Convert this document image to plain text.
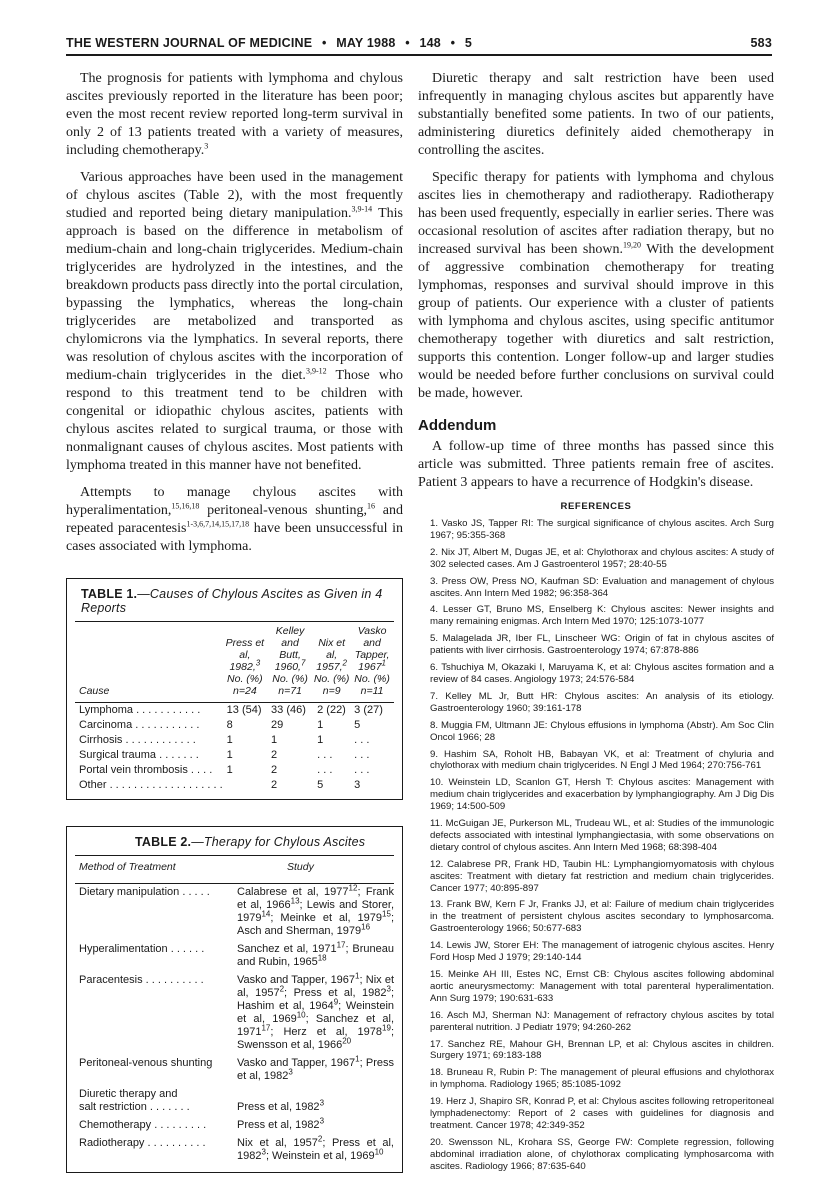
THE WESTERN JOURNAL OF MEDICINE • MAY 1988 • 148 • 5	583

The prognosis for patients with lymphoma and chylous ascites previously reported in the literature has been poor; even the most recent review reported long-term survival in only 2 of 13 patients treated with a variety of measures, including chemotherapy.$^3$

Various approaches have been used in the management of chylous ascites (Table 2), with the most frequently studied and reported being dietary manipulation.$^{3,9-14}$ This approach is based on the difference in metabolism of medium-chain and long-chain triglycerides. Medium-chain triglycerides are hydrolyzed in the intestines, and the breakdown products pass directly into the portal circulation, bypassing the lymphatics, whereas the long-chain triglycerides are metabolized and transported as chylomicrons via the lymphatics. In several reports, there was resolution of chylous ascites with the incorporation of medium-chain triglycerides in the diet.$^{3,9-12}$ Those who respond to this treatment tend to be children with congenital or idiopathic chylous ascites, patients with chylous ascites related to surgical trauma, or those with nonmalignant causes of chylous ascites. Most patients with lymphoma treated in this manner have not benefited.

Attempts to manage chylous ascites with hyperalimentation,$^{15,16,18}$ peritoneal-venous shunting,$^{16}$ and repeated paracentesis$^{1-3,6,7,14,15,17,18}$ have been unsuccessful in cases associated with lymphoma.

TABLE 1.—Causes of Chylous Ascites as Given in 4 Reports
Cause	Press et al,
1982,$^3$
No. (%)
n=24	Kelley and
Butt, 1960,$^7$
No. (%)
n=71	Nix et al,
1957,$^2$
No. (%)
n=9	Vasko and
Tapper,
1967$^1$
No. (%)
n=11

Lymphoma . . . . . . . . . . .	13 (54)	33 (46)	2 (22)	3 (27)
Carcinoma . . . . . . . . . . .	8	29	1	5
Cirrhosis . . . . . . . . . . . .	1	1	1	. . .
Surgical trauma . . . . . . .	1	2	. . .	. . .
Portal vein thrombosis . . . .	1	2	. . .	. . .
Other . . . . . . . . . . . . . . . . . . .		2	5	3
TABLE 2.—Therapy for Chylous Ascites
Method of Treatment	Study

Dietary manipulation . . . . .	Calabrese et al, 1977$^{12}$; Frank et al, 1966$^{13}$; Lewis and Storer, 1979$^{14}$; Meinke et al, 1979$^{15}$; Asch and Sherman, 1979$^{16}$
Hyperalimentation . . . . . .	Sanchez et al, 1971$^{17}$; Bruneau and Rubin, 1965$^{18}$
Paracentesis . . . . . . . . . .	Vasko and Tapper, 1967$^1$; Nix et al, 1957$^2$; Press et al, 1982$^3$; Hashim et al, 1964$^9$; Weinstein et al, 1969$^{10}$; Sanchez et al, 1971$^{17}$; Herz et al, 1978$^{19}$; Swensson et al, 1966$^{20}$
Peritoneal-venous shunting	Vasko and Tapper, 1967$^1$; Press et al, 1982$^3$
Diuretic therapy and
salt restriction . . . . . . .	Press et al, 1982$^3$
Chemotherapy . . . . . . . . .	Press et al, 1982$^3$
Radiotherapy . . . . . . . . . .	Nix et al, 1957$^2$; Press et al, 1982$^3$; Weinstein et al, 1969$^{10}$

Diuretic therapy and salt restriction have been used infrequently in managing chylous ascites but apparently have substantially benefited some patients. In two of our patients, administering diuretics definitely aided chemotherapy in controlling the ascites.

Specific therapy for patients with lymphoma and chylous ascites lies in chemotherapy and radiotherapy. Radiotherapy has been used frequently, especially in earlier series. There was occasional resolution of ascites after radiation therapy, but no increased survival has been shown.$^{19,20}$ With the development of aggressive combination chemotherapy for treating lymphomas, responses and survival should improve in this group of patients. Our experience with a cluster of patients with lymphoma and chylous ascites, using specific antitumor chemotherapy together with diuretics and salt restriction, supports this contention. Longer follow-up and larger studies would be needed before further conclusions on survival could be made, however.

Addendum

A follow-up time of three months has passed since this article was submitted. Three patients remain free of ascites. Patient 3 appears to have a recurrence of Hodgkin's disease.

REFERENCES
1. Vasko JS, Tapper RI: The surgical significance of chylous ascites. Arch Surg 1967; 95:355-368
2. Nix JT, Albert M, Dugas JE, et al: Chylothorax and chylous ascites: A study of 302 selected cases. Am J Gastroenterol 1957; 28:40-55
3. Press OW, Press NO, Kaufman SD: Evaluation and management of chylous ascites. Ann Intern Med 1982; 96:358-364
4. Lesser GT, Bruno MS, Enselberg K: Chylous ascites: Newer insights and many remaining enigmas. Arch Intern Med 1970; 125:1073-1077
5. Malagelada JR, Iber FL, Linscheer WG: Origin of fat in chylous ascites of patients with liver cirrhosis. Gastroenterology 1974; 67:878-886
6. Tshuchiya M, Okazaki I, Maruyama K, et al: Chylous ascites formation and a review of 84 cases. Angiology 1973; 24:576-584
7. Kelley ML Jr, Butt HR: Chylous ascites: An analysis of its etiology. Gastroenterology 1960; 39:161-178
8. Muggia FM, Ultmann JE: Chylous effusions in lymphoma (Abstr). Am Soc Clin Oncol 1966; 28
9. Hashim SA, Roholt HB, Babayan VK, et al: Treatment of chyluria and chylothorax with medium chain triglycerides. N Engl J Med 1964; 270:756-761
10. Weinstein LD, Scanlon GT, Hersh T: Chylous ascites: Management with medium chain triglycerides and exacerbation by lymphangiography. Am J Dig Dis 1969; 14:500-509
11. McGuigan JE, Purkerson ML, Trudeau WL, et al: Studies of the immunologic defects associated with intestinal lymphangiectasia, with some observations on dietary control of chylous ascites. Ann Intern Med 1968; 68:398-404
12. Calabrese PR, Frank HD, Taubin HL: Lymphangiomyomatosis with chylous ascites: Treatment with dietary fat restriction and medium chain triglycerides. Cancer 1977; 40:895-897
13. Frank BW, Kern F Jr, Franks JJ, et al: Failure of medium chain triglycerides in the treatment of persistent chylous ascites secondary to lymphosarcoma. Gastroenterology 1966; 50:677-683
14. Lewis JW, Storer EH: The management of iatrogenic chylous ascites. Henry Ford Hosp Med J 1979; 29:140-144
15. Meinke AH III, Estes NC, Ernst CB: Chylous ascites following abdominal aortic aneurysmectomy: Management with total parenteral hyperalimentation. Ann Surg 1979; 190:631-633
16. Asch MJ, Sherman NJ: Management of refractory chylous ascites by total parenteral nutrition. J Pediatr 1979; 94:260-262
17. Sanchez RE, Mahour GH, Brennan LP, et al: Chylous ascites in children. Surgery 1971; 69:183-188
18. Bruneau R, Rubin P: The management of pleural effusions and chylothorax in lymphoma. Radiology 1965; 85:1085-1092
19. Herz J, Shapiro SR, Konrad P, et al: Chylous ascites following retroperitoneal lymphadenectomy: Report of 2 cases with guidelines for diagnosis and treatment. Cancer 1978; 42:349-352
20. Swensson NL, Krohara SS, George FW: Complete regression, following abdominal irradiation alone, of chylothorax complicating lymphosarcoma with ascites. Radiology 1966; 87:635-640
